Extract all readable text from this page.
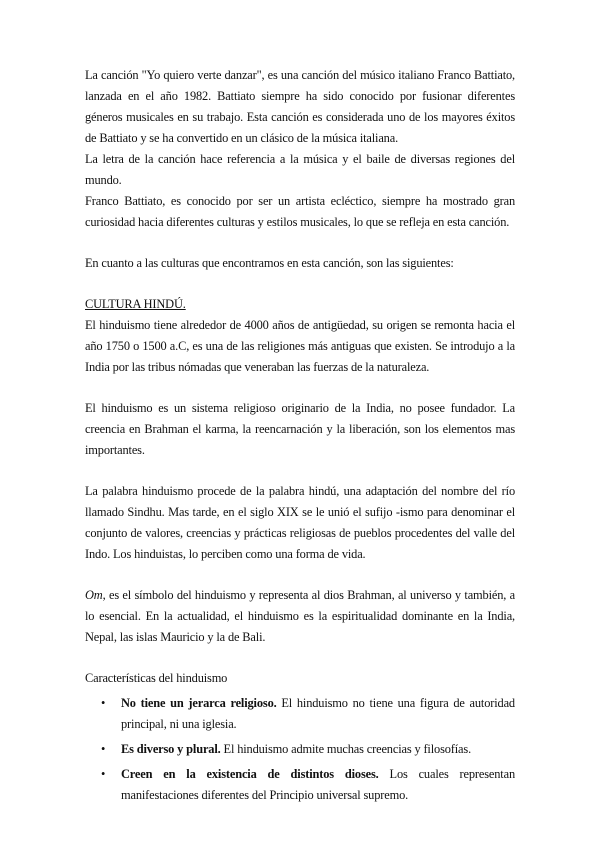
La canción "Yo quiero verte danzar", es una canción del músico italiano Franco Battiato, lanzada en el año 1982. Battiato siempre ha sido conocido por fusionar diferentes géneros musicales en su trabajo. Esta canción es considerada uno de los mayores éxitos de Battiato y se ha convertido en un clásico de la música italiana.

La letra de la canción hace referencia a la música y el baile de diversas regiones del mundo.

Franco Battiato, es conocido por ser un artista ecléctico, siempre ha mostrado gran curiosidad hacia diferentes culturas y estilos musicales, lo que se refleja en esta canción.

En cuanto a las culturas que encontramos en esta canción, son las siguientes:

CULTURA HINDÚ.

El hinduismo tiene alrededor de 4000 años de antigüedad, su origen se remonta hacia el año 1750 o 1500 a.C, es una de las religiones más antiguas que existen. Se introdujo a la India por las tribus nómadas que veneraban las fuerzas de la naturaleza.

El hinduismo es un sistema religioso originario de la India, no posee fundador. La creencia en Brahman el karma, la reencarnación y la liberación, son los elementos mas importantes.

La palabra hinduismo procede de la palabra hindú, una adaptación del nombre del río llamado Sindhu. Mas tarde, en el siglo XIX se le unió el sufijo -ismo para denominar el conjunto de valores, creencias y prácticas religiosas de pueblos procedentes del valle del Indo. Los hinduistas, lo perciben como una forma de vida.

Om, es el símbolo del hinduismo y representa al dios Brahman, al universo y también, a lo esencial. En la actualidad, el hinduismo es la espiritualidad dominante en la India, Nepal, las islas Mauricio y la de Bali.

Características del hinduismo

• No tiene un jerarca religioso. El hinduismo no tiene una figura de autoridad principal, ni una iglesia.
• Es diverso y plural. El hinduismo admite muchas creencias y filosofías.
• Creen en la existencia de distintos dioses. Los cuales representan manifestaciones diferentes del Principio universal supremo.
